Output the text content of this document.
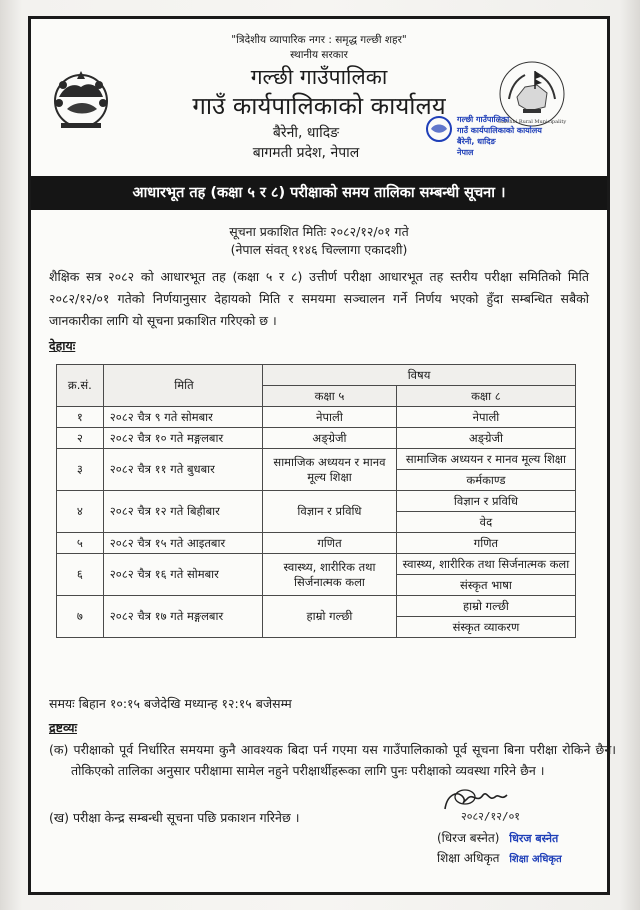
"त्रिदेशीय व्यापारिक नगर : समृद्ध गल्छी शहर"
स्थानीय सरकार
गल्छी गाउँपालिका
गाउँ कार्यपालिकाको कार्यालय
बैरेनी, धादिङ
बागमती प्रदेश, नेपाल
Galchhi Rural Municipality
गल्छी गाउँपालिका
गाउँ कार्यपालिकाको कार्यालय
बैरेनी, धादिङ
नेपाल
आधारभूत तह (कक्षा ५ र ८) परीक्षाको समय तालिका सम्बन्धी सूचना ।
सूचना प्रकाशित मितिः २०८२/१२/०१ गते
(नेपाल संवत् ११४६ चिल्लागा एकादशी)
शैक्षिक सत्र २०८२ को आधारभूत तह (कक्षा ५ र ८) उत्तीर्ण परीक्षा आधारभूत तह स्तरीय परीक्षा समितिको मिति २०८२/१२/०१ गतेको निर्णयानुसार देहायको मिति र समयमा सञ्चालन गर्ने निर्णय भएको हुँदा सम्बन्धित सबैको जानकारीका लागि यो सूचना प्रकाशित गरिएको छ ।
देहायः
क्र.सं.	मिति	विषय	
		कक्षा ५	कक्षा ८
१	२०८२ चैत्र ९ गते सोमबार	नेपाली	नेपाली
२	२०८२ चैत्र १० गते मङ्गलबार	अङ्ग्रेजी	अङ्ग्रेजी
३	२०८२ चैत्र ११ गते बुधबार	सामाजिक अध्ययन र मानव मूल्य शिक्षा	सामाजिक अध्ययन र मानव मूल्य शिक्षा
			कर्मकाण्ड
४	२०८२ चैत्र १२ गते बिहीबार	विज्ञान र प्रविधि	विज्ञान र प्रविधि
			वेद
५	२०८२ चैत्र १५ गते आइतबार	गणित	गणित
६	२०८२ चैत्र १६ गते सोमबार	स्वास्थ्य, शारीरिक तथा सिर्जनात्मक कला	स्वास्थ्य, शारीरिक तथा सिर्जनात्मक कला
			संस्कृत भाषा
७	२०८२ चैत्र १७ गते मङ्गलबार	हाम्रो गल्छी	हाम्रो गल्छी
			संस्कृत व्याकरण
समयः बिहान १०:१५ बजेदेखि मध्यान्ह १२:१५ बजेसम्म
द्रष्टव्यः
(क) परीक्षाको पूर्व निर्धारित समयमा कुनै आवश्यक बिदा पर्न गएमा यस गाउँपालिकाको पूर्व सूचना बिना परीक्षा रोकिने छैन। तोकिएको तालिका अनुसार परीक्षामा सामेल नहुने परीक्षार्थीहरूका लागि पुनः परीक्षाको व्यवस्था गरिने छैन ।
(ख) परीक्षा केन्द्र सम्बन्धी सूचना पछि प्रकाशन गरिनेछ ।	२०८२/१२/०१
(धिरज बस्नेत) धिरज बस्नेत
शिक्षा अधिकृत शिक्षा अधिकृत
